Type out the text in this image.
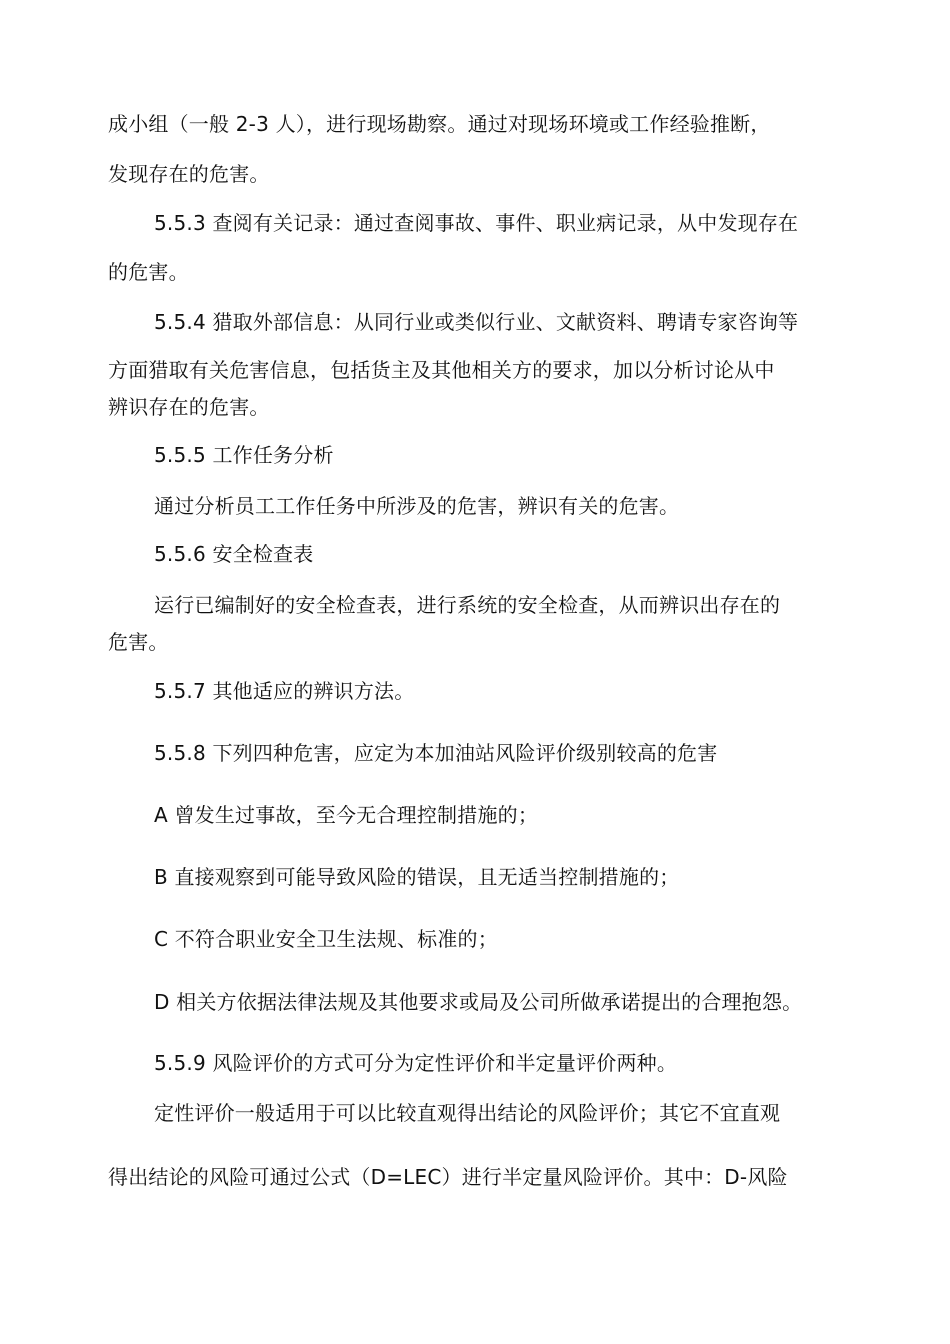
成小组（一般 2-3 人），进行现场勘察。通过对现场环境或工作经验推断，
发现存在的危害。
5.5.3 查阅有关记录：通过查阅事故、事件、职业病记录，从中发现存在
的危害。
5.5.4 猎取外部信息：从同行业或类似行业、文献资料、聘请专家咨询等
方面猎取有关危害信息，包括货主及其他相关方的要求，加以分析讨论从中
辨识存在的危害。
5.5.5 工作任务分析
通过分析员工工作任务中所涉及的危害，辨识有关的危害。
5.5.6 安全检查表
运行已编制好的安全检查表，进行系统的安全检查，从而辨识出存在的
危害。
5.5.7 其他适应的辨识方法。
5.5.8 下列四种危害，应定为本加油站风险评价级别较高的危害
A 曾发生过事故，至今无合理控制措施的；
B 直接观察到可能导致风险的错误，且无适当控制措施的；
C 不符合职业安全卫生法规、标准的；
D 相关方依据法律法规及其他要求或局及公司所做承诺提出的合理抱怨。
5.5.9 风险评价的方式可分为定性评价和半定量评价两种。
定性评价一般适用于可以比较直观得出结论的风险评价；其它不宜直观
得出结论的风险可通过公式（D=LEC）进行半定量风险评价。其中：D-风险
